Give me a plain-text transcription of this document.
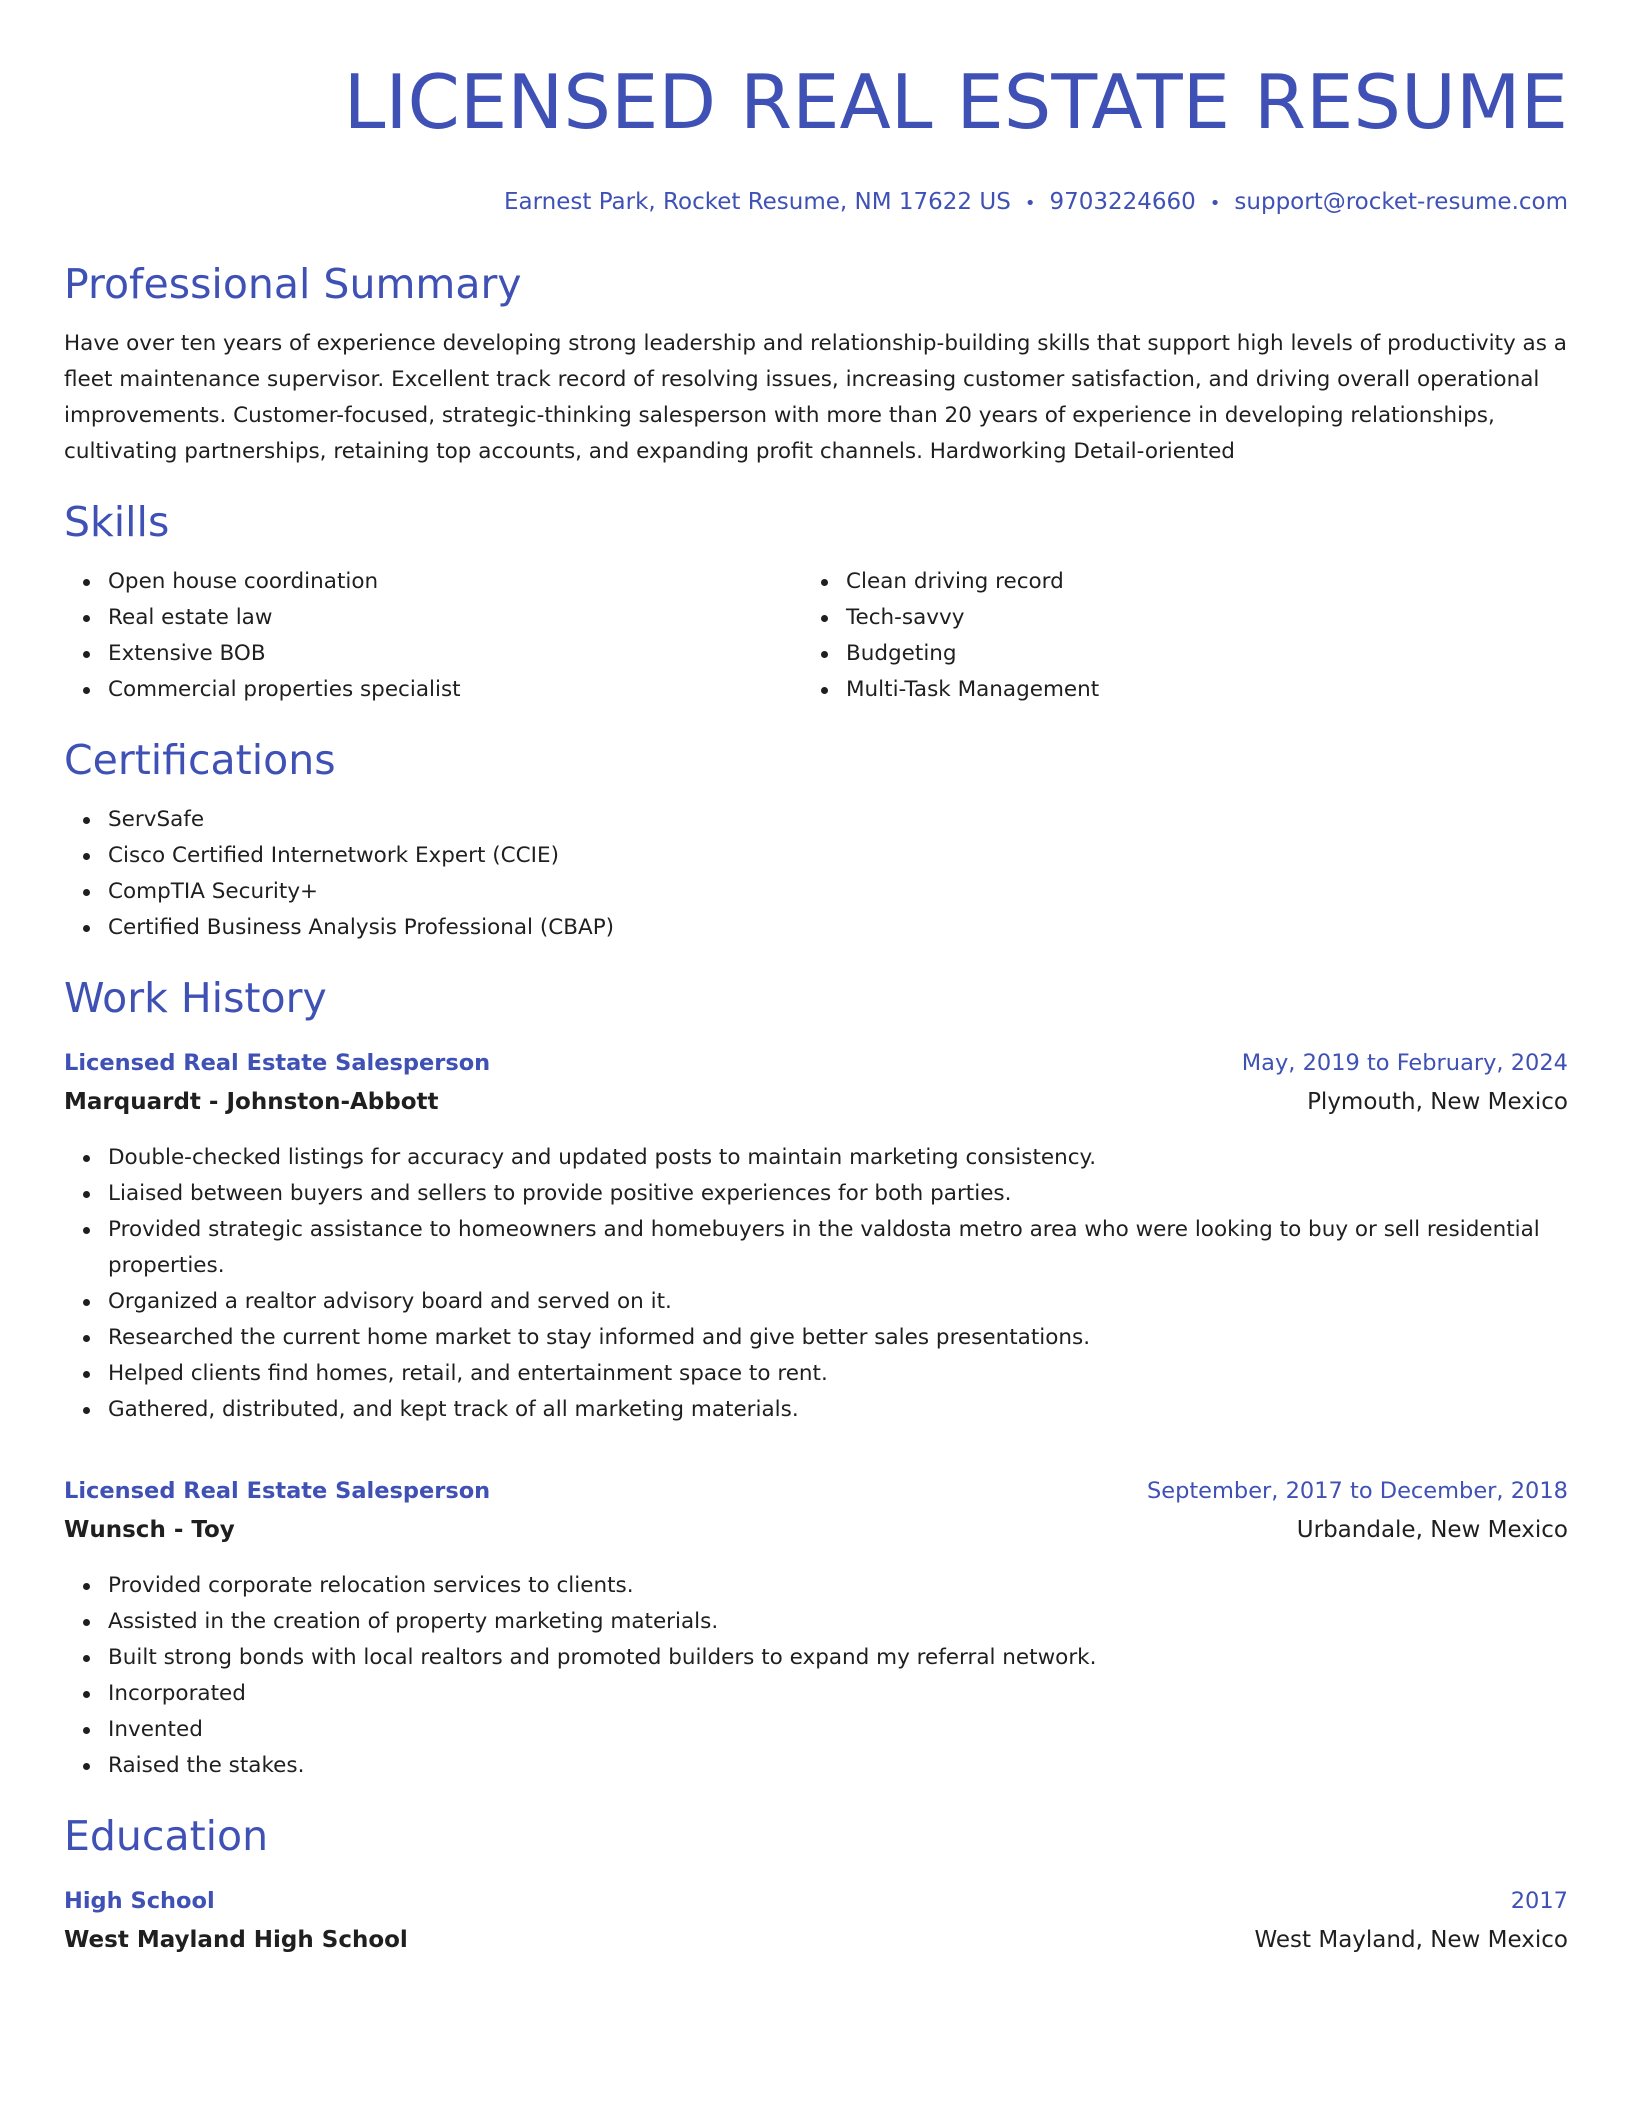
LICENSED REAL ESTATE RESUME
Earnest Park, Rocket Resume, NM 17622 US • 9703224660 • support@rocket-resume.com
Professional Summary
Have over ten years of experience developing strong leadership and relationship-building skills that support high levels of productivity as a fleet maintenance supervisor. Excellent track record of resolving issues, increasing customer satisfaction, and driving overall operational improvements. Customer-focused, strategic-thinking salesperson with more than 20 years of experience in developing relationships, cultivating partnerships, retaining top accounts, and expanding profit channels. Hardworking Detail-oriented
Skills
Open house coordination
Real estate law
Extensive BOB
Commercial properties specialist
Clean driving record
Tech-savvy
Budgeting
Multi-Task Management
Certifications
ServSafe
Cisco Certified Internetwork Expert (CCIE)
CompTIA Security+
Certified Business Analysis Professional (CBAP)
Work History
Licensed Real Estate Salesperson	May, 2019 to February, 2024
Marquardt - Johnston-Abbott	Plymouth, New Mexico
Double-checked listings for accuracy and updated posts to maintain marketing consistency.
Liaised between buyers and sellers to provide positive experiences for both parties.
Provided strategic assistance to homeowners and homebuyers in the valdosta metro area who were looking to buy or sell residential properties.
Organized a realtor advisory board and served on it.
Researched the current home market to stay informed and give better sales presentations.
Helped clients find homes, retail, and entertainment space to rent.
Gathered, distributed, and kept track of all marketing materials.
Licensed Real Estate Salesperson	September, 2017 to December, 2018
Wunsch - Toy	Urbandale, New Mexico
Provided corporate relocation services to clients.
Assisted in the creation of property marketing materials.
Built strong bonds with local realtors and promoted builders to expand my referral network.
Incorporated
Invented
Raised the stakes.
Education
High School	2017
West Mayland High School	West Mayland, New Mexico
